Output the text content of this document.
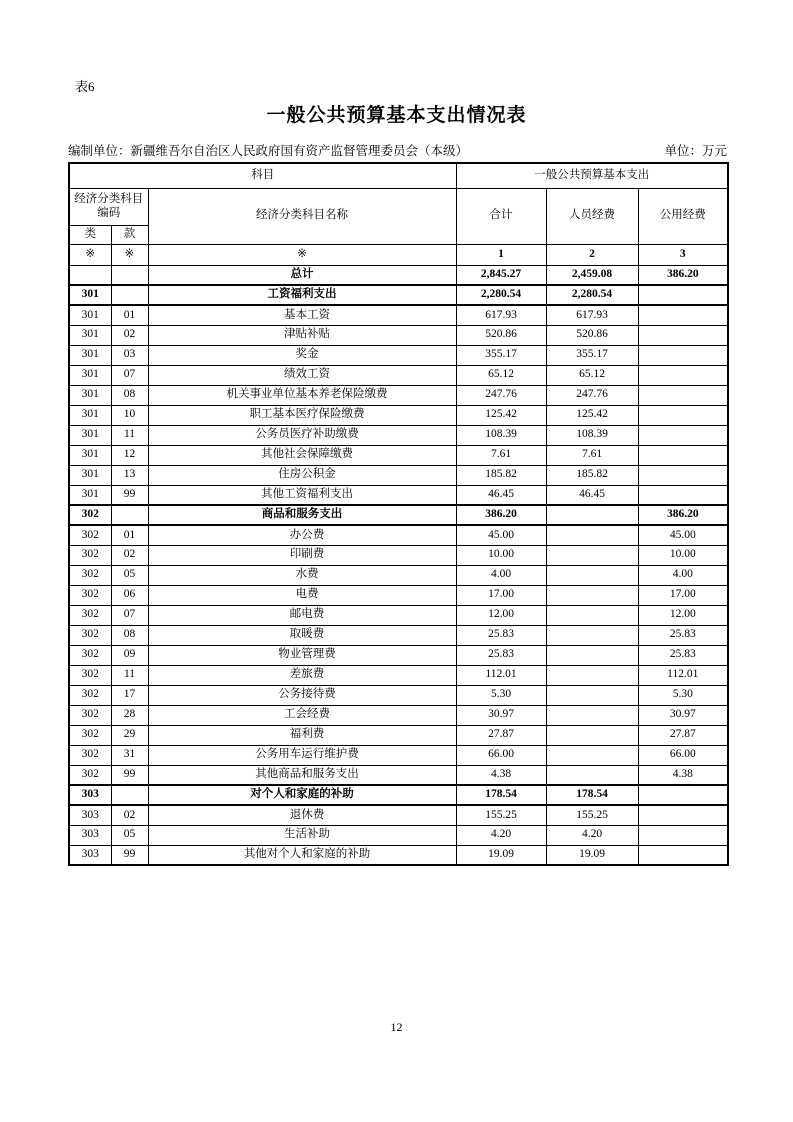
表6
一般公共预算基本支出情况表
编制单位：新疆维吾尔自治区人民政府国有资产监督管理委员会（本级）	单位：万元
科目			一般公共预算基本支出		
经济分类科目编码		经济分类科目名称	合计	人员经费	公用经费
类	款				
※	※	※	1	2	3
		总计	2,845.27	2,459.08	386.20
301		工资福利支出	2,280.54	2,280.54	
301	01	基本工资	617.93	617.93	
301	02	津贴补贴	520.86	520.86	
301	03	奖金	355.17	355.17	
301	07	绩效工资	65.12	65.12	
301	08	机关事业单位基本养老保险缴费	247.76	247.76	
301	10	职工基本医疗保险缴费	125.42	125.42	
301	11	公务员医疗补助缴费	108.39	108.39	
301	12	其他社会保障缴费	7.61	7.61	
301	13	住房公积金	185.82	185.82	
301	99	其他工资福利支出	46.45	46.45	
302		商品和服务支出	386.20		386.20
302	01	办公费	45.00		45.00
302	02	印刷费	10.00		10.00
302	05	水费	4.00		4.00
302	06	电费	17.00		17.00
302	07	邮电费	12.00		12.00
302	08	取暖费	25.83		25.83
302	09	物业管理费	25.83		25.83
302	11	差旅费	112.01		112.01
302	17	公务接待费	5.30		5.30
302	28	工会经费	30.97		30.97
302	29	福利费	27.87		27.87
302	31	公务用车运行维护费	66.00		66.00
302	99	其他商品和服务支出	4.38		4.38
303		对个人和家庭的补助	178.54	178.54	
303	02	退休费	155.25	155.25	
303	05	生活补助	4.20	4.20	
303	99	其他对个人和家庭的补助	19.09	19.09	
12
